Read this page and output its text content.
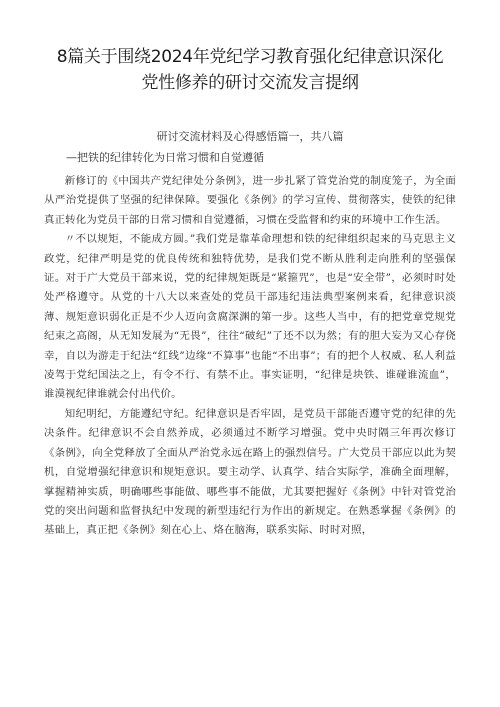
8篇关于围绕2024年党纪学习教育强化纪律意识深化党性修养的研讨交流发言提纲
研讨交流材料及心得感悟篇一，共八篇
—把铁的纪律转化为日常习惯和自觉遵循

新修订的《中国共产党纪律处分条例》，进一步扎紧了管党治党的制度笼子，为全面从严治党提供了坚强的纪律保障。要强化《条例》的学习宣传、贯彻落实，使铁的纪律真正转化为党员干部的日常习惯和自觉遵循，习惯在受监督和约束的环境中工作生活。

〃不以规矩，不能成方圆。”我们党是靠革命理想和铁的纪律组织起来的马克思主义政党，纪律严明是党的优良传统和独特优势，是我们党不断从胜利走向胜利的坚强保证。对于广大党员干部来说，党的纪律规矩既是“紧箍咒”，也是“安全带”，必须时时处处严格遵守。从党的十八大以来查处的党员干部违纪违法典型案例来看，纪律意识淡薄、规矩意识弱化正是不少人迈向贪腐深渊的第一步。这些人当中，有的把党章党规党纪束之高阁，从无知发展为“无畏”，往往“破纪”了还不以为然；有的胆大妄为又心存侥幸，自以为游走于纪法“红线”边缘“不算事”也能“不出事”；有的把个人权威、私人利益凌驾于党纪国法之上，有令不行、有禁不止。事实证明，“纪律是块铁、谁碰谁流血”，谁漠视纪律谁就会付出代价。

知纪明纪，方能遵纪守纪。纪律意识是否牢固，是党员干部能否遵守党的纪律的先决条件。纪律意识不会自然养成，必须通过不断学习增强。党中央时隔三年再次修订《条例》，向全党释放了全面从严治党永远在路上的强烈信号。广大党员干部应以此为契机，自觉增强纪律意识和规矩意识。要主动学、认真学、结合实际学，准确全面理解，掌握精神实质，明确哪些事能做、哪些事不能做，尤其要把握好《条例》中针对管党治党的突出问题和监督执纪中发现的新型违纪行为作出的新规定。在熟悉掌握《条例》的基础上，真正把《条例》刻在心上、烙在脑海，联系实际、时时对照，
